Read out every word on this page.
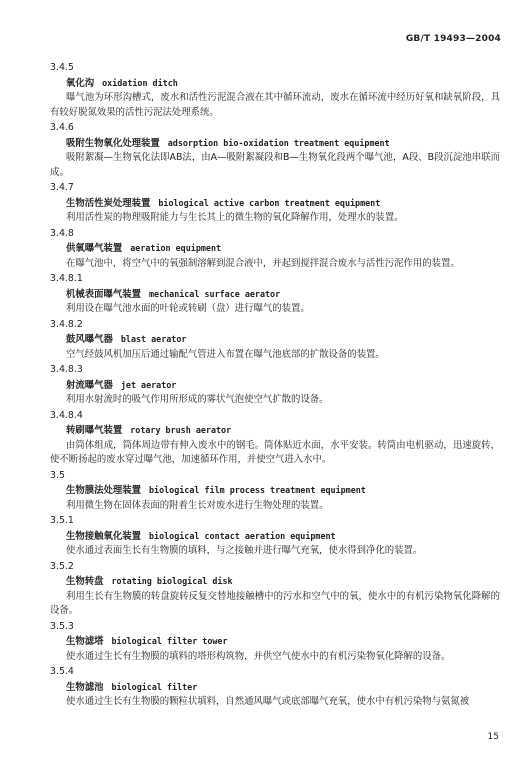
GB/T 19493—2004
3.4.5
氧化沟 oxidation ditch
曝气池为环形沟槽式，废水和活性污泥混合液在其中循环流动，废水在循环流中经历好氧和缺氧阶段，具有较好脱氮效果的活性污泥法处理系统。
3.4.6
吸附生物氧化处理装置 adsorption bio-oxidation treatment equipment
吸附絮凝—生物氧化法即AB法，由A—吸附絮凝段和B—生物氧化段两个曝气池，A段、B段沉淀池串联而成。
3.4.7
生物活性炭处理装置 biological active carbon treatment equipment
利用活性炭的物理吸附能力与生长其上的微生物的氧化降解作用，处理水的装置。
3.4.8
供氧曝气装置 aeration equipment
在曝气池中，将空气中的氧强制溶解到混合液中，并起到搅拌混合废水与活性污泥作用的装置。
3.4.8.1
机械表面曝气装置 mechanical surface aerator
利用设在曝气池水面的叶轮或转刷（盘）进行曝气的装置。
3.4.8.2
鼓风曝气器 blast aerator
空气经鼓风机加压后通过输配气管进入布置在曝气池底部的扩散设备的装置。
3.4.8.3
射流曝气器 jet aerator
利用水射流时的吸气作用所形成的雾状气泡使空气扩散的设备。
3.4.8.4
转刷曝气装置 rotary brush aerator
由筒体组成，筒体周边带有伸入废水中的钢毛。筒体贴近水面，水平安装。转筒由电机驱动，迅速旋转，使不断扬起的废水穿过曝气池，加速循环作用，并使空气进入水中。
3.5
生物膜法处理装置 biological film process treatment equipment
利用微生物在固体表面的附着生长对废水进行生物处理的装置。
3.5.1
生物接触氧化装置 biological contact aeration equipment
使水通过表面生长有生物膜的填料，与之接触并进行曝气充氧，使水得到净化的装置。
3.5.2
生物转盘 rotating biological disk
利用生长有生物膜的转盘旋转反复交替地接触槽中的污水和空气中的氧，使水中的有机污染物氧化降解的设备。
3.5.3
生物滤塔 biological filter tower
使水通过生长有生物膜的填料的塔形构筑物，并供空气使水中的有机污染物氧化降解的设备。
3.5.4
生物滤池 biological filter
使水通过生长有生物膜的颗粒状填料，自然通风曝气或底部曝气充氧，使水中有机污染物与氨氮被
15
